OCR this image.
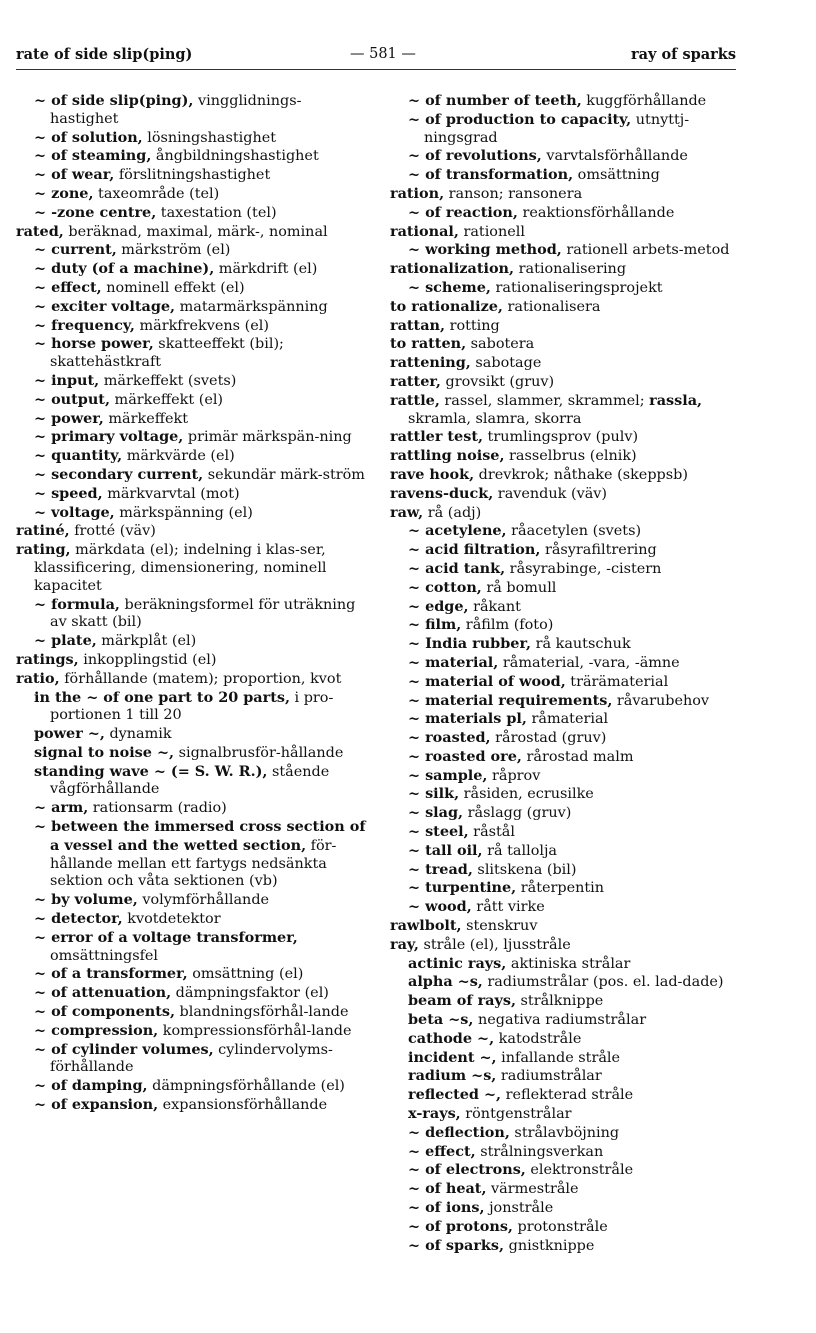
rate of side slip(ping)	— 581 —	ray of sparks

~ of side slip(ping), vingglidnings-hastighet

~ of solution, lösningshastighet

~ of steaming, ångbildningshastighet

~ of wear, förslitningshastighet

~ zone, taxeområde (tel)

~ -zone centre, taxestation (tel)

rated, beräknad, maximal, märk-, nominal

~ current, märkström (el)

~ duty (of a machine), märkdrift (el)

~ effect, nominell effekt (el)

~ exciter voltage, matarmärkspänning

~ frequency, märkfrekvens (el)

~ horse power, skatteeffekt (bil); skattehästkraft

~ input, märkeffekt (svets)

~ output, märkeffekt (el)

~ power, märkeffekt

~ primary voltage, primär märkspän-ning

~ quantity, märkvärde (el)

~ secondary current, sekundär märk-ström

~ speed, märkvarvtal (mot)

~ voltage, märkspänning (el)

ratiné, frotté (väv)

rating, märkdata (el); indelning i klas-ser, klassificering, dimensionering, nominell kapacitet

~ formula, beräkningsformel för uträkning av skatt (bil)

~ plate, märkplåt (el)

ratings, inkopplingstid (el)

ratio, förhållande (matem); proportion, kvot

in the ~ of one part to 20 parts, i pro-portionen 1 till 20

power ~, dynamik

signal to noise ~, signalbrusför-hållande

standing wave ~ (= S. W. R.), stående vågförhållande

~ arm, rationsarm (radio)

~ between the immersed cross section of a vessel and the wetted section, för-hållande mellan ett fartygs nedsänkta sektion och våta sektionen (vb)

~ by volume, volymförhållande

~ detector, kvotdetektor

~ error of a voltage transformer, omsättningsfel

~ of a transformer, omsättning (el)

~ of attenuation, dämpningsfaktor (el)

~ of components, blandningsförhål-lande

~ compression, kompressionsförhål-lande

~ of cylinder volumes, cylindervolyms-förhållande

~ of damping, dämpningsförhållande (el)

~ of expansion, expansionsförhållande

~ of number of teeth, kuggförhållande

~ of production to capacity, utnyttj-ningsgrad

~ of revolutions, varvtalsförhållande

~ of transformation, omsättning

ration, ranson; ransonera

~ of reaction, reaktionsförhållande

rational, rationell

~ working method, rationell arbets-metod

rationalization, rationalisering

~ scheme, rationaliseringsprojekt

to rationalize, rationalisera

rattan, rotting

to ratten, sabotera

rattening, sabotage

ratter, grovsikt (gruv)

rattle, rassel, slammer, skrammel; rassla, skramla, slamra, skorra

rattler test, trumlingsprov (pulv)

rattling noise, rasselbrus (elnik)

rave hook, drevkrok; nåthake (skeppsb)

ravens-duck, ravenduk (väv)

raw, rå (adj)

~ acetylene, råacetylen (svets)

~ acid filtration, råsyrafiltrering

~ acid tank, råsyrabinge, -cistern

~ cotton, rå bomull

~ edge, råkant

~ film, råfilm (foto)

~ India rubber, rå kautschuk

~ material, råmaterial, -vara, -ämne

~ material of wood, trärämaterial

~ material requirements, råvarubehov

~ materials pl, råmaterial

~ roasted, rårostad (gruv)

~ roasted ore, rårostad malm

~ sample, råprov

~ silk, råsiden, ecrusilke

~ slag, råslagg (gruv)

~ steel, råstål

~ tall oil, rå tallolja

~ tread, slitskena (bil)

~ turpentine, råterpentin

~ wood, rått virke

rawlbolt, stenskruv

ray, stråle (el), ljusstråle

actinic rays, aktiniska strålar

alpha ~s, radiumstrålar (pos. el. lad-dade)

beam of rays, strålknippe

beta ~s, negativa radiumstrålar

cathode ~, katodstråle

incident ~, infallande stråle

radium ~s, radiumstrålar

reflected ~, reflekterad stråle

x-rays, röntgenstrålar

~ deflection, strålavböjning

~ effect, strålningsverkan

~ of electrons, elektronstråle

~ of heat, värmestråle

~ of ions, jonstråle

~ of protons, protonstråle

~ of sparks, gnistknippe
